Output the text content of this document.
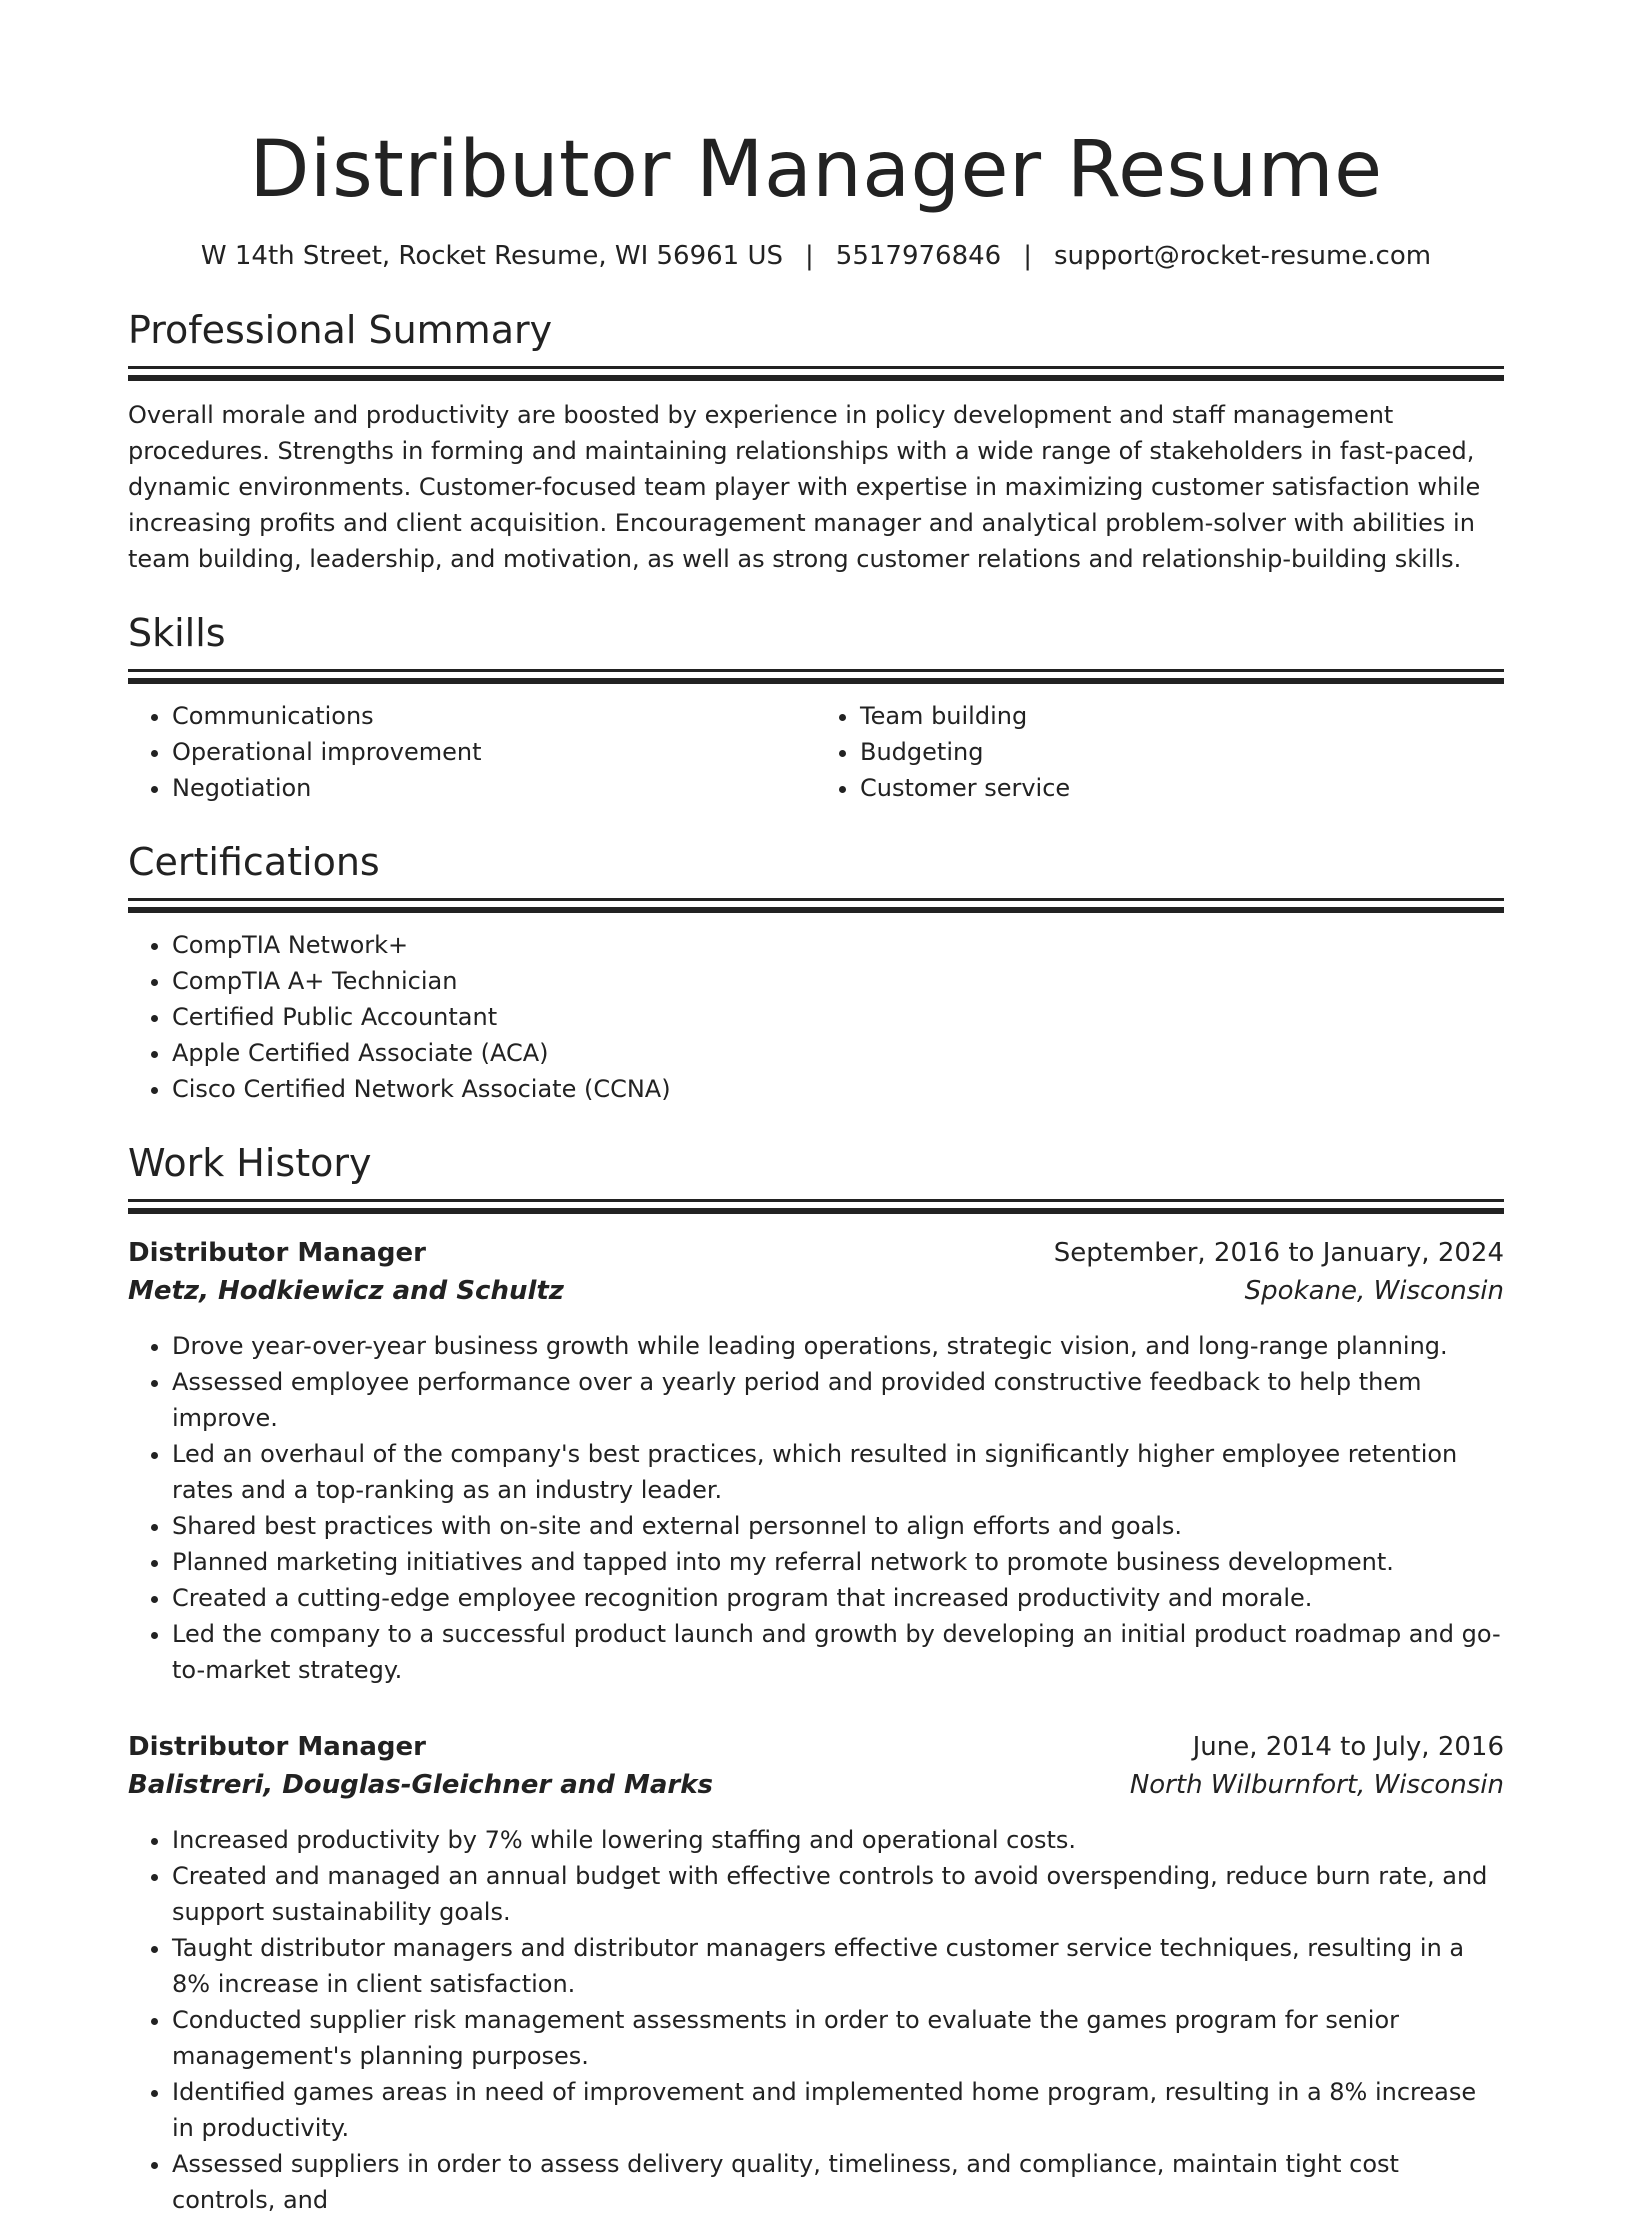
Distributor Manager Resume
W 14th Street, Rocket Resume, WI 56961 US | 5517976846 | support@rocket-resume.com
Professional Summary
Overall morale and productivity are boosted by experience in policy development and staff management procedures. Strengths in forming and maintaining relationships with a wide range of stakeholders in fast-paced, dynamic environments. Customer-focused team player with expertise in maximizing customer satisfaction while increasing profits and client acquisition. Encouragement manager and analytical problem-solver with abilities in team building, leadership, and motivation, as well as strong customer relations and relationship-building skills.
Skills
• Communications
• Operational improvement
• Negotiation
• Team building
• Budgeting
• Customer service
Certifications
• CompTIA Network+
• CompTIA A+ Technician
• Certified Public Accountant
• Apple Certified Associate (ACA)
• Cisco Certified Network Associate (CCNA)
Work History
Distributor Manager	September, 2016 to January, 2024
Metz, Hodkiewicz and Schultz	Spokane, Wisconsin
• Drove year-over-year business growth while leading operations, strategic vision, and long-range planning.
• Assessed employee performance over a yearly period and provided constructive feedback to help them improve.
• Led an overhaul of the company's best practices, which resulted in significantly higher employee retention rates and a top-ranking as an industry leader.
• Shared best practices with on-site and external personnel to align efforts and goals.
• Planned marketing initiatives and tapped into my referral network to promote business development.
• Created a cutting-edge employee recognition program that increased productivity and morale.
• Led the company to a successful product launch and growth by developing an initial product roadmap and go-to-market strategy.
Distributor Manager	June, 2014 to July, 2016
Balistreri, Douglas-Gleichner and Marks	North Wilburnfort, Wisconsin
• Increased productivity by 7% while lowering staffing and operational costs.
• Created and managed an annual budget with effective controls to avoid overspending, reduce burn rate, and support sustainability goals.
• Taught distributor managers and distributor managers effective customer service techniques, resulting in a 8% increase in client satisfaction.
• Conducted supplier risk management assessments in order to evaluate the games program for senior management's planning purposes.
• Identified games areas in need of improvement and implemented home program, resulting in a 8% increase in productivity.
• Assessed suppliers in order to assess delivery quality, timeliness, and compliance, maintain tight cost controls, and
